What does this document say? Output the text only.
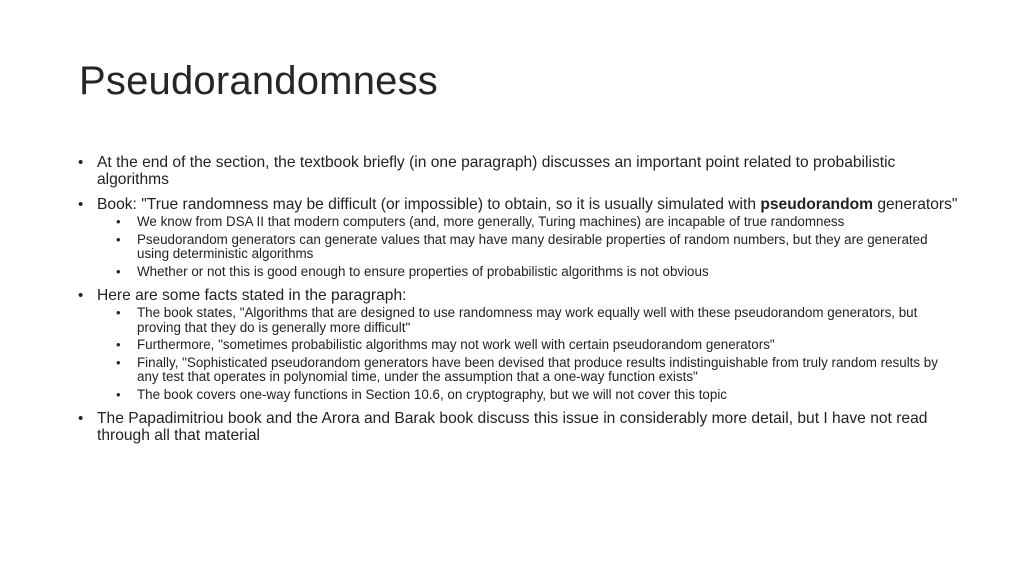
Pseudorandomness
• At the end of the section, the textbook briefly (in one paragraph) discusses an important point related to probabilistic algorithms
• Book: "True randomness may be difficult (or impossible) to obtain, so it is usually simulated with pseudorandom generators"
• We know from DSA II that modern computers (and, more generally, Turing machines) are incapable of true randomness
• Pseudorandom generators can generate values that may have many desirable properties of random numbers, but they are generated using deterministic algorithms
• Whether or not this is good enough to ensure properties of probabilistic algorithms is not obvious
• Here are some facts stated in the paragraph:
• The book states, "Algorithms that are designed to use randomness may work equally well with these pseudorandom generators, but proving that they do is generally more difficult"
• Furthermore, "sometimes probabilistic algorithms may not work well with certain pseudorandom generators"
• Finally, "Sophisticated pseudorandom generators have been devised that produce results indistinguishable from truly random results by any test that operates in polynomial time, under the assumption that a one-way function exists"
• The book covers one-way functions in Section 10.6, on cryptography, but we will not cover this topic
• The Papadimitriou book and the Arora and Barak book discuss this issue in considerably more detail, but I have not read through all that material
